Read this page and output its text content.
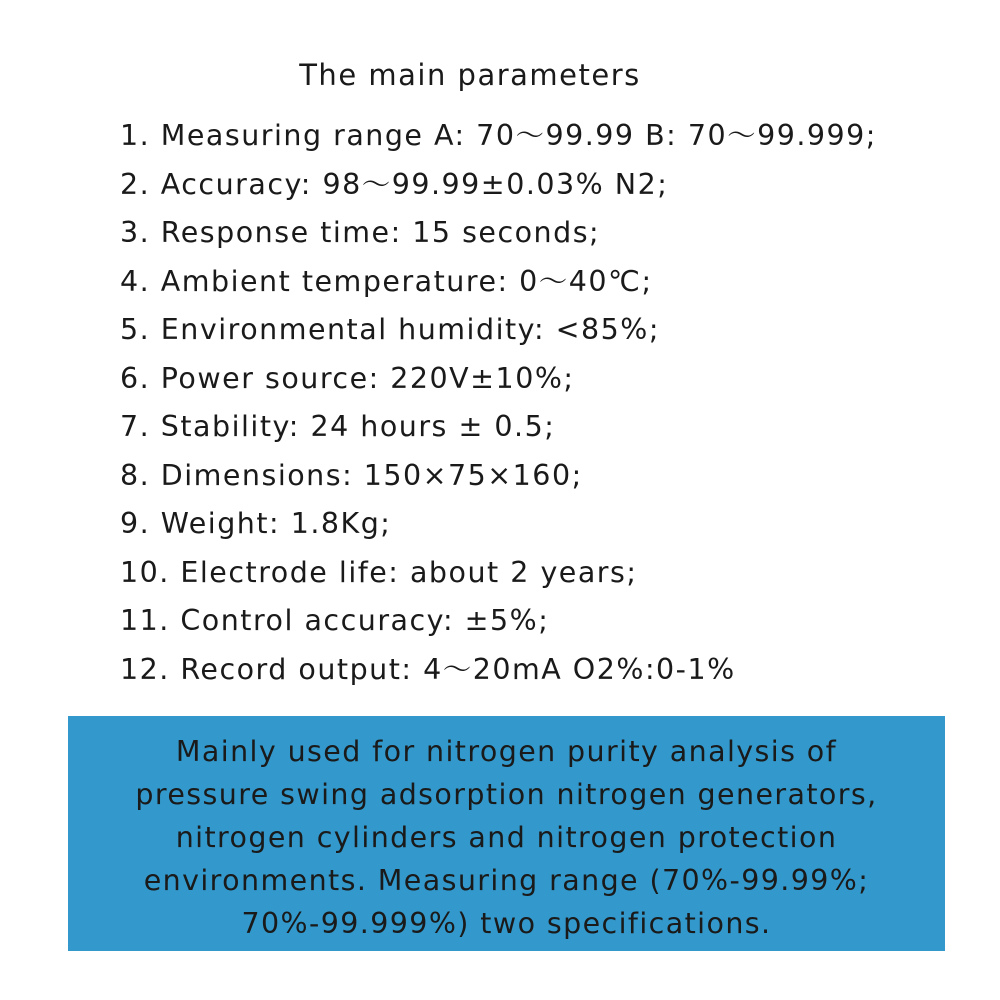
The main parameters
1. Measuring range A: 70～99.99 B: 70～99.999;
2. Accuracy: 98～99.99±0.03% N2;
3. Response time: 15 seconds;
4. Ambient temperature: 0～40℃;
5. Environmental humidity: <85%;
6. Power source: 220V±10%;
7. Stability: 24 hours ± 0.5;
8. Dimensions: 150×75×160;
9. Weight: 1.8Kg;
10. Electrode life: about 2 years;
11. Control accuracy: ±5%;
12. Record output: 4～20mA O2%:0-1%

Mainly used for nitrogen purity analysis of

pressure swing adsorption nitrogen generators,

nitrogen cylinders and nitrogen protection

environments. Measuring range (70%-99.99%;

70%-99.999%) two specifications.
